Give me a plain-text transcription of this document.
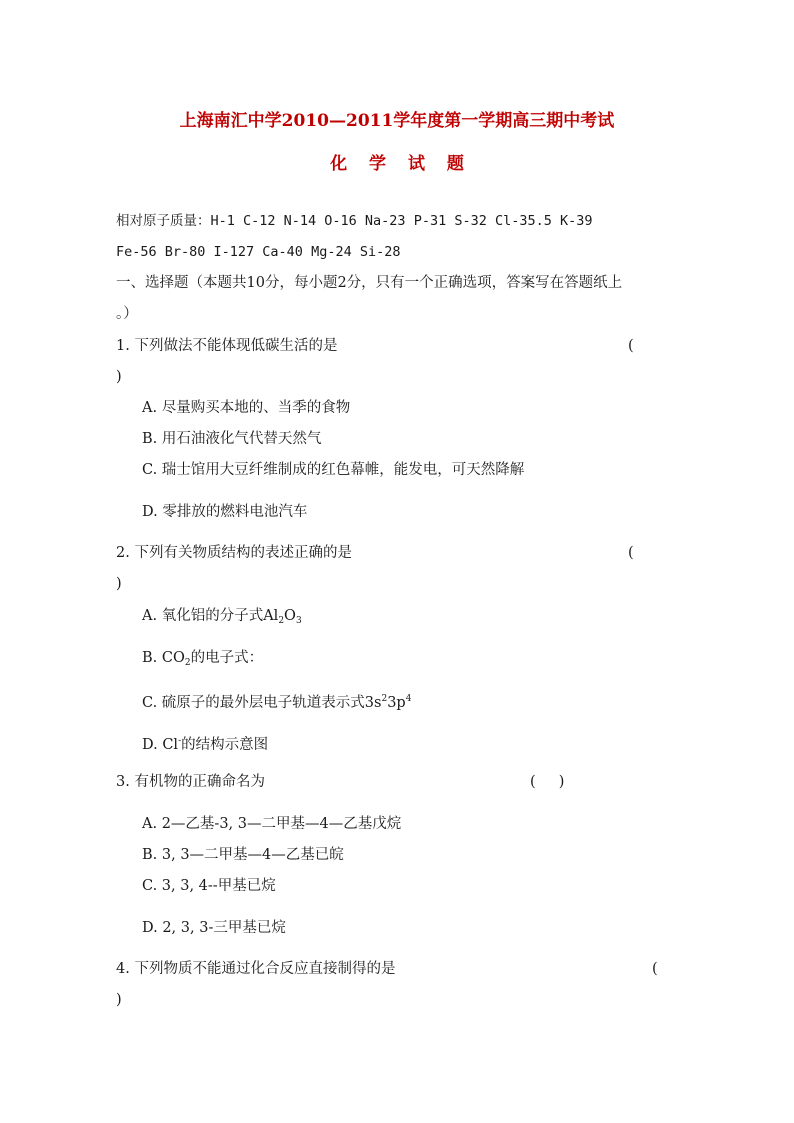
上海南汇中学2010—2011学年度第一学期高三期中考试
化 学 试 题
相对原子质量：H-1 C-12 N-14 O-16 Na-23 P-31 S-32 Cl-35.5 K-39
Fe-56 Br-80 I-127 Ca-40 Mg-24 Si-28
一、选择题（本题共10分，每小题2分，只有一个正确选项，答案写在答题纸上
。）
1. 下列做法不能体现低碳生活的是	(
)
A. 尽量购买本地的、当季的食物
B. 用石油液化气代替天然气
C. 瑞士馆用大豆纤维制成的红色幕帷，能发电，可天然降解
D. 零排放的燃料电池汽车
2. 下列有关物质结构的表述正确的是	(
)
A. 氧化铝的分子式$Al_2O_3$
B. $CO_2$的电子式：
C. 硫原子的最外层电子轨道表示式$3s^23p^4$
D. Cl-的结构示意图
3. 有机物的正确命名为	(     )
A. 2—乙基-3, 3—二甲基—4—乙基戊烷
B. 3, 3—二甲基—4—乙基已皖
C. 3, 3, 4--甲基已烷
D. 2, 3, 3-三甲基已烷
4. 下列物质不能通过化合反应直接制得的是	(
)
